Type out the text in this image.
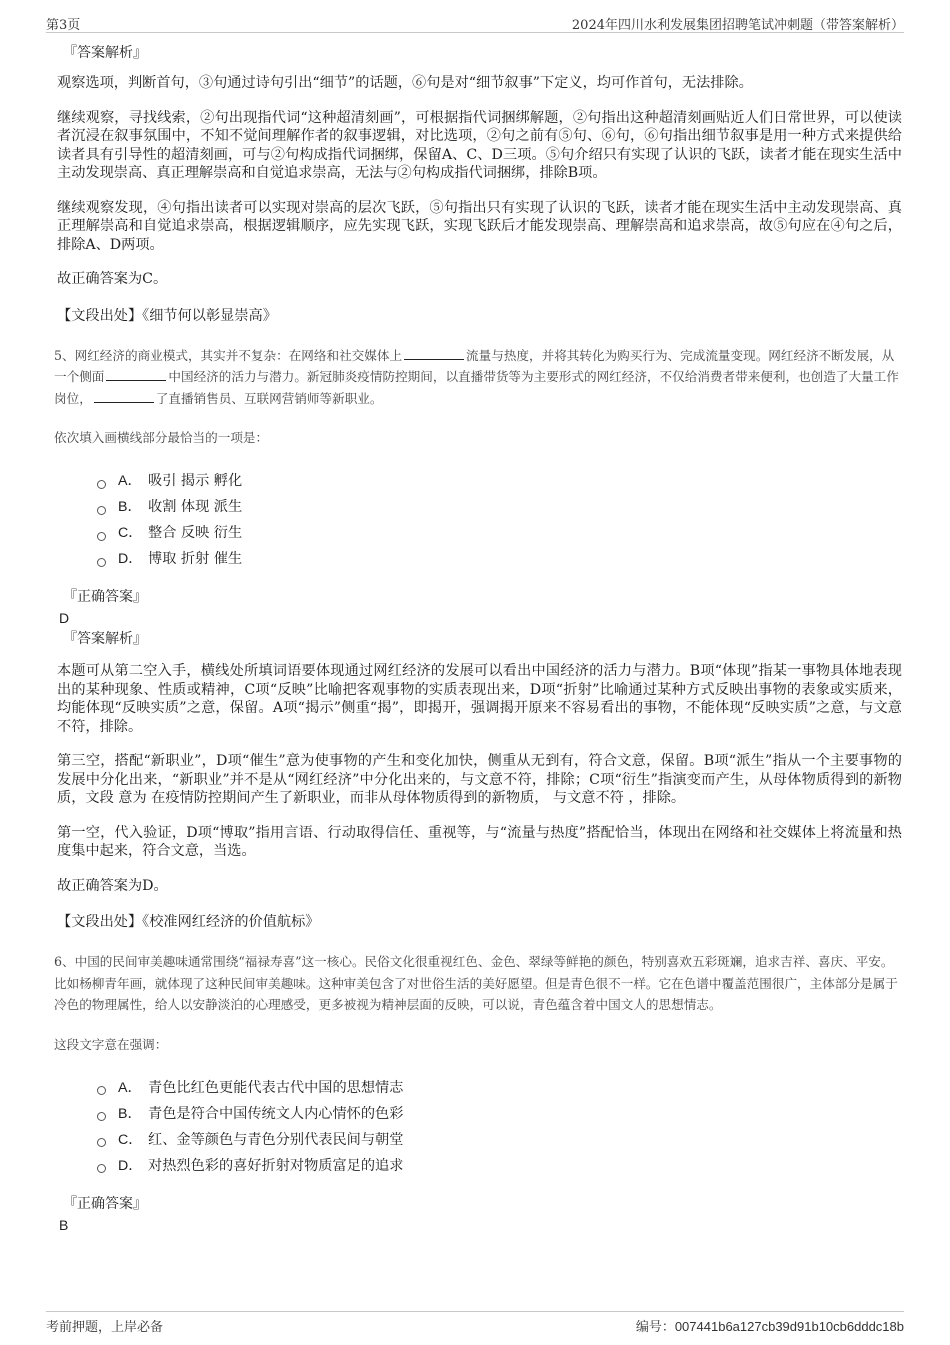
第3页	2024年四川水利发展集团招聘笔试冲刺题（带答案解析）
『答案解析』

观察选项，判断首句，③句通过诗句引出“细节”的话题，⑥句是对“细节叙事”下定义，均可作首句，无法排除。

继续观察，寻找线索，②句出现指代词“这种超清刻画”，可根据指代词捆绑解题，②句指出这种超清刻画贴近人们日常世界，可以使读者沉浸在叙事氛围中，不知不觉间理解作者的叙事逻辑，对比选项，②句之前有⑤句、⑥句，⑥句指出细节叙事是用一种方式来提供给读者具有引导性的超清刻画，可与②句构成指代词捆绑，保留A、C、D三项。⑤句介绍只有实现了认识的飞跃，读者才能在现实生活中主动发现崇高、真正理解崇高和自觉追求崇高，无法与②句构成指代词捆绑，排除B项。

继续观察发现，④句指出读者可以实现对崇高的层次飞跃，⑤句指出只有实现了认识的飞跃，读者才能在现实生活中主动发现崇高、真正理解崇高和自觉追求崇高，根据逻辑顺序，应先实现飞跃，实现飞跃后才能发现崇高、理解崇高和追求崇高，故⑤句应在④句之后，排除A、D两项。

故正确答案为C。

【文段出处】《细节何以彰显崇高》
5、网红经济的商业模式，其实并不复杂：在网络和社交媒体上	流量与热度，并将其转化为购买行为、完成流量变现。网红经济不断发展，从一个侧面	中国经济的活力与潜力。新冠肺炎疫情防控期间，以直播带货等为主要形式的网红经济，不仅给消费者带来便利，也创造了大量工作岗位，	了直播销售员、互联网营销师等新职业。
依次填入画横线部分最恰当的一项是：
A． 吸引 揭示 孵化
B． 收割 体现 派生
C． 整合 反映 衍生
D． 博取 折射 催生
『正确答案』
D
『答案解析』

本题可从第二空入手，横线处所填词语要体现通过网红经济的发展可以看出中国经济的活力与潜力。B项“体现”指某一事物具体地表现出的某种现象、性质或精神，C项“反映”比喻把客观事物的实质表现出来，D项“折射”比喻通过某种方式反映出事物的表象或实质来，均能体现“反映实质”之意，保留。A项“揭示”侧重“揭”，即揭开，强调揭开原来不容易看出的事物，不能体现“反映实质”之意，与文意不符，排除。

第三空，搭配“新职业”，D项“催生”意为使事物的产生和变化加快，侧重从无到有，符合文意，保留。B项“派生”指从一个主要事物的发展中分化出来，“新职业”并不是从“网红经济”中分化出来的，与文意不符，排除；C项“衍生”指演变而产生，从母体物质得到的新物质，文段 意为 在疫情防控期间产生了新职业，而非从母体物质得到的新物质， 与文意不符 ，排除。

第一空，代入验证，D项“博取”指用言语、行动取得信任、重视等，与“流量与热度”搭配恰当，体现出在网络和社交媒体上将流量和热度集中起来，符合文意，当选。

故正确答案为D。

【文段出处】《校准网红经济的价值航标》
6、中国的民间审美趣味通常围绕“福禄寿喜”这一核心。民俗文化很重视红色、金色、翠绿等鲜艳的颜色，特别喜欢五彩斑斓，追求吉祥、喜庆、平安。比如杨柳青年画，就体现了这种民间审美趣味。这种审美包含了对世俗生活的美好愿望。但是青色很不一样。它在色谱中覆盖范围很广，主体部分是属于冷色的物理属性，给人以安静淡泊的心理感受，更多被视为精神层面的反映，可以说，青色蕴含着中国文人的思想情志。
这段文字意在强调：
A． 青色比红色更能代表古代中国的思想情志
B． 青色是符合中国传统文人内心情怀的色彩
C． 红、金等颜色与青色分别代表民间与朝堂
D． 对热烈色彩的喜好折射对物质富足的追求
『正确答案』
B
考前押题，上岸必备	编号：007441b6a127cb39d91b10cb6dddc18b
